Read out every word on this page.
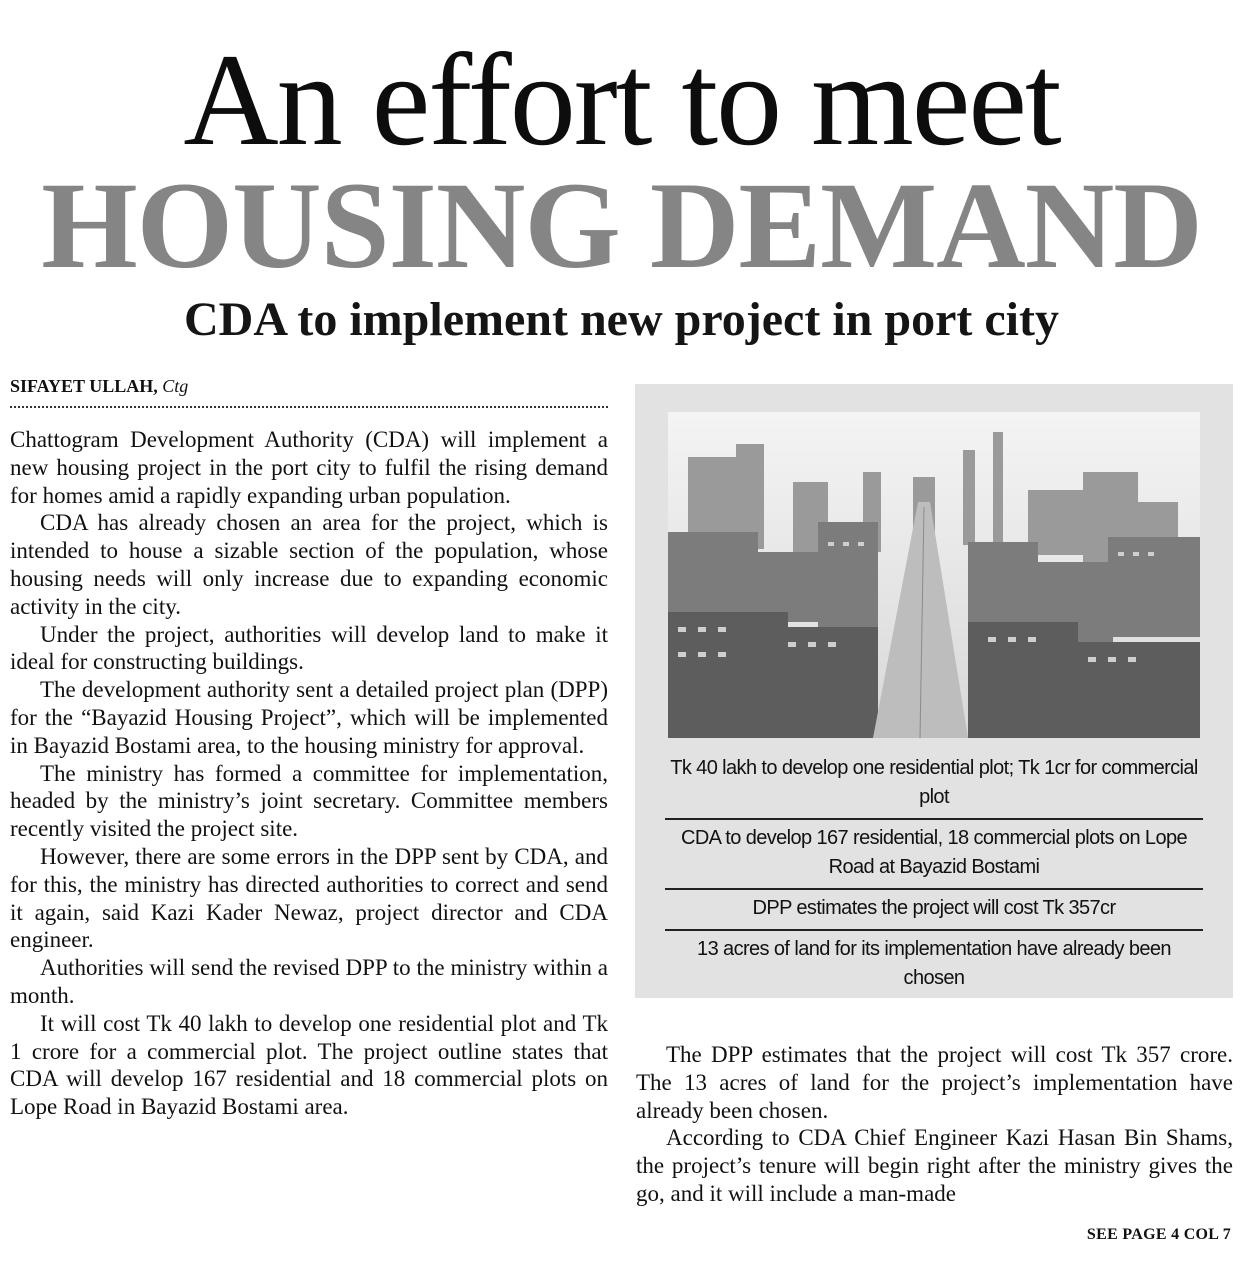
An effort to meet
HOUSING DEMAND
CDA to implement new project in port city
SIFAYET ULLAH, Ctg

Chattogram Development Authority (CDA) will implement a new housing project in the port city to fulfil the rising demand for homes amid a rapidly expanding urban population.

CDA has already chosen an area for the project, which is intended to house a sizable section of the population, whose housing needs will only increase due to expanding economic activity in the city.

Under the project, authorities will develop land to make it ideal for constructing buildings.

The development authority sent a detailed project plan (DPP) for the “Bayazid Housing Project”, which will be implemented in Bayazid Bostami area, to the housing ministry for approval.

The ministry has formed a committee for implementation, headed by the ministry’s joint secretary. Committee members recently visited the project site.

However, there are some errors in the DPP sent by CDA, and for this, the ministry has directed authorities to correct and send it again, said Kazi Kader Newaz, project director and CDA engineer.

Authorities will send the revised DPP to the ministry within a month.

It will cost Tk 40 lakh to develop one residential plot and Tk 1 crore for a commercial plot. The project outline states that CDA will develop 167 residential and 18 commercial plots on Lope Road in Bayazid Bostami area.

Tk 40 lakh to develop one residential plot; Tk 1cr for commercial plot
CDA to develop 167 residential, 18 commercial plots on Lope Road at Bayazid Bostami
DPP estimates the project will cost Tk 357cr
13 acres of land for its implementation have already been chosen

The DPP estimates that the project will cost Tk 357 crore. The 13 acres of land for the project’s implementation have already been chosen.

According to CDA Chief Engineer Kazi Hasan Bin Shams, the project’s tenure will begin right after the ministry gives the go, and it will include a man-made

SEE PAGE 4 COL 7
